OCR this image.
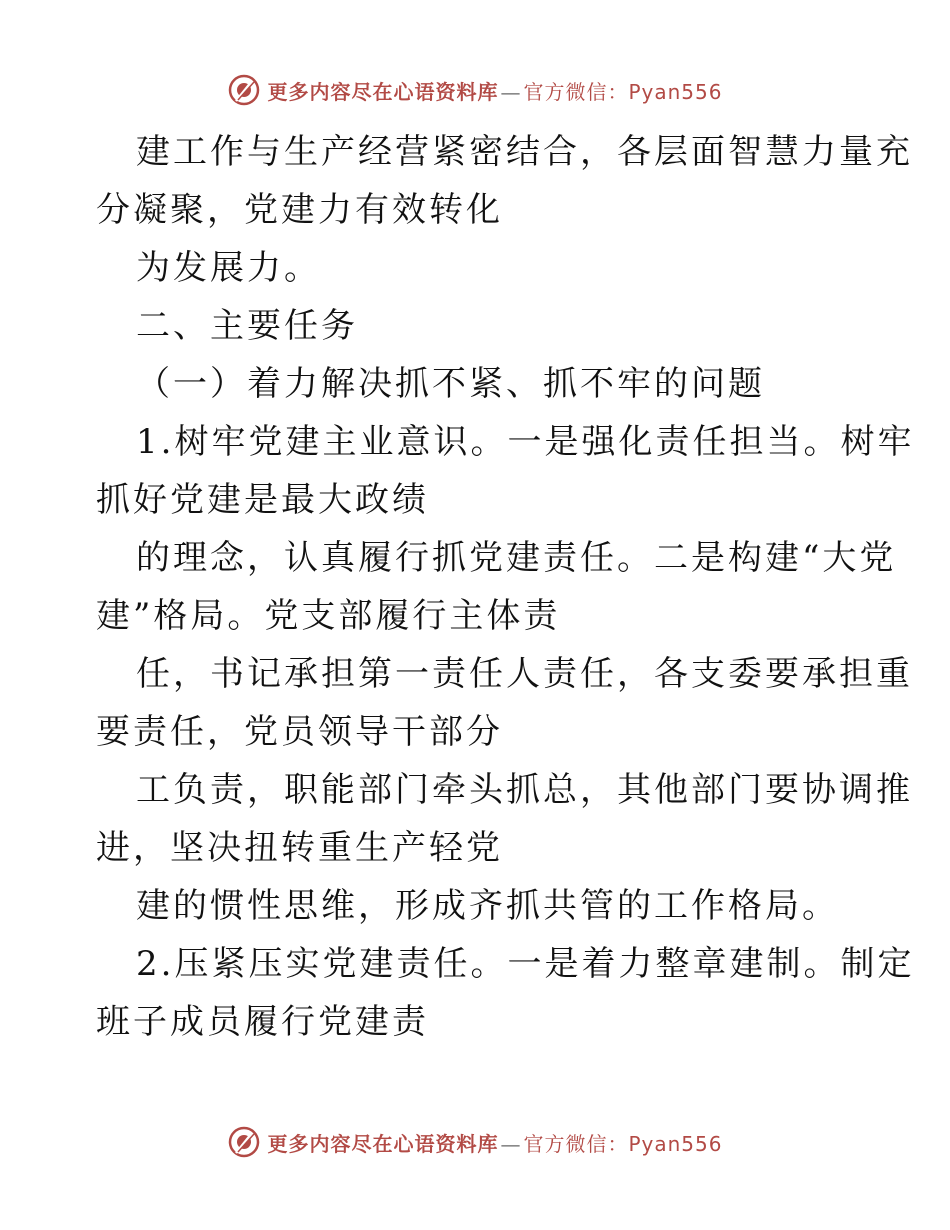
更多内容尽在心语资料库 — 官方微信：Pyan556
建工作与生产经营紧密结合，各层面智慧力量充
分凝聚，党建力有效转化
为发展力。
二、主要任务
（一）着力解决抓不紧、抓不牢的问题
1.树牢党建主业意识。一是强化责任担当。树牢
抓好党建是最大政绩
的理念，认真履行抓党建责任。二是构建“大党
建”格局。党支部履行主体责
任，书记承担第一责任人责任，各支委要承担重
要责任，党员领导干部分
工负责，职能部门牵头抓总，其他部门要协调推
进，坚决扭转重生产轻党
建的惯性思维，形成齐抓共管的工作格局。
2.压紧压实党建责任。一是着力整章建制。制定
班子成员履行党建责
更多内容尽在心语资料库 — 官方微信：Pyan556
